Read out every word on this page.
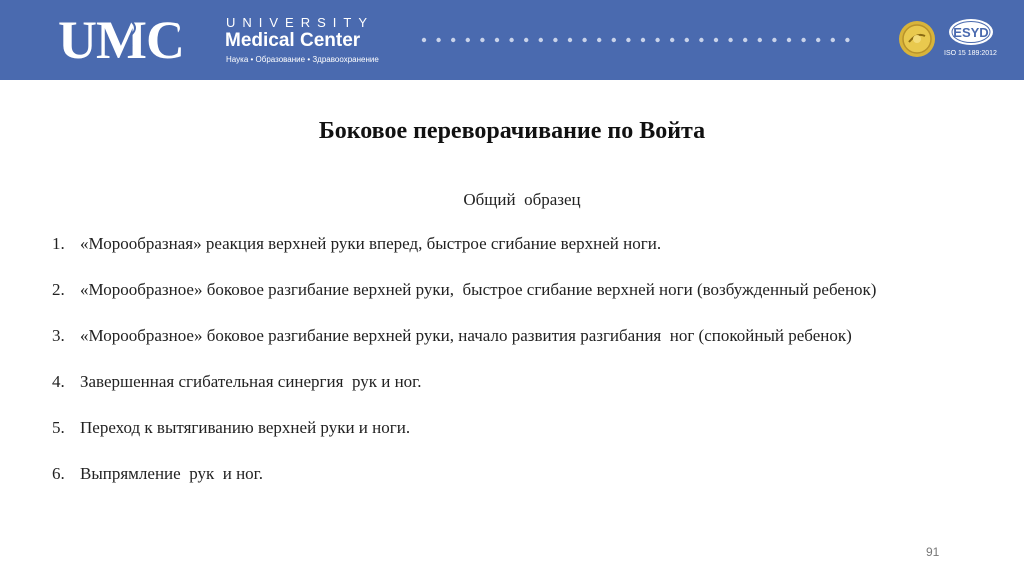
UMC	UNIVERSITY
Medical Center
Наука • Образование • Здравоохранение
ESYD
ISO 15 189:2012
Боковое переворачивание по Войта
Общий  образец
1. «Морообразная» реакция верхней руки вперед, быстрое сгибание верхней ноги.
2. «Морообразное» боковое разгибание верхней руки,  быстрое сгибание верхней ноги (возбужденный ребенок)
3. «Морообразное» боковое разгибание верхней руки, начало развития разгибания  ног (спокойный ребенок)
4. Завершенная сгибательная синергия  рук и ног.
5. Переход к вытягиванию верхней руки и ноги.
6. Выпрямление  рук  и ног.
91
